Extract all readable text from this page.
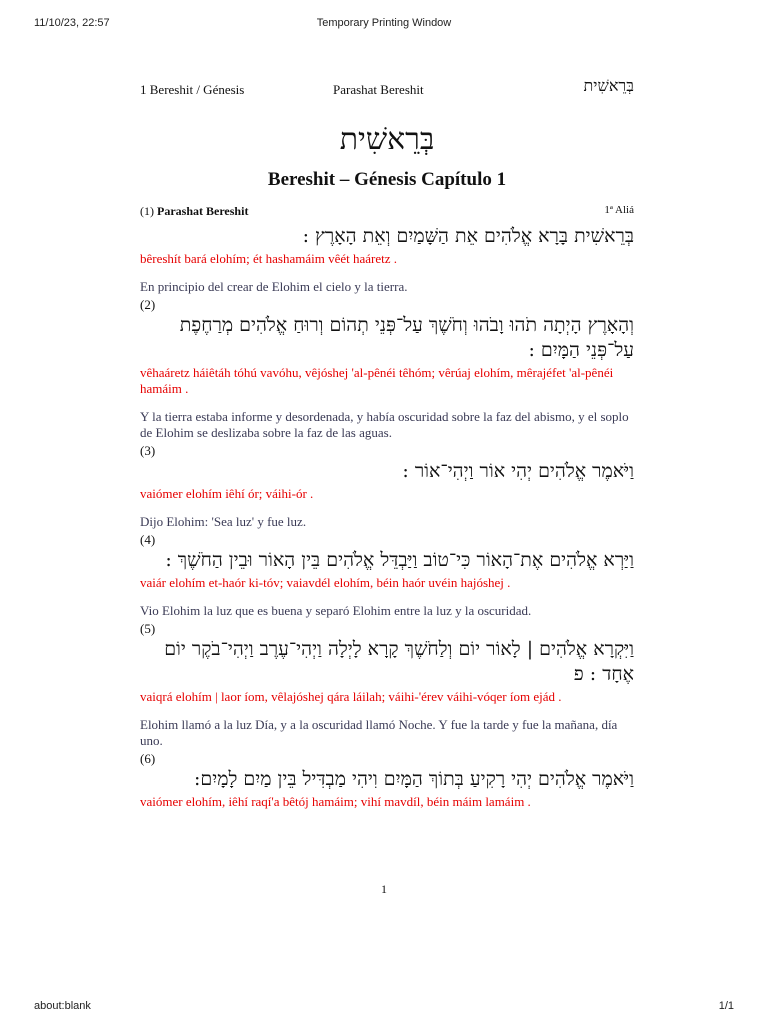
11/10/23, 22:57	Temporary Printing Window
1 Bereshit / Génesis	Parashat Bereshit	בְּרֵאשִׁית
בְּרֵאשִׁית
Bereshit – Génesis Capítulo 1
(1) Parashat Bereshit	1ª Aliá
בְּרֵאשִׁית בָּרָא אֱלֹהִים אֵת הַשָּׁמַיִם וְאֵת הָאָרֶץ :
bêreshít bará elohím; ét hashamáim vêét haáretz .
En principio del crear de Elohim el cielo y la tierra.
(2)
וְהָאָרֶץ הָיְתָה תֹהוּ וָבֹהוּ וְחֹשֶׁךְ עַל־פְּנֵי תְהוֹם וְרוּחַ אֱלֹהִים מְרַחֶפֶת עַל־פְּנֵי הַמָּיִם :
vêhaáretz háiêtáh tóhú vavóhu, vêjóshej 'al-pênéi têhóm; vêrúaj elohím, mêrajéfet 'al-pênéi hamáim .
Y la tierra estaba informe y desordenada, y había oscuridad sobre la faz del abismo, y el soplo de Elohim se deslizaba sobre la faz de las aguas.
(3)
וַיֹּאמֶר אֱלֹהִים יְהִי אוֹר וַיְהִי־אוֹר :
vaiómer elohím iêhí ór; váihi-ór .
Dijo Elohim: 'Sea luz' y fue luz.
(4)
וַיַּרְא אֱלֹהִים אֶת־הָאוֹר כִּי־טוֹב וַיַּבְדֵּל אֱלֹהִים בֵּין הָאוֹר וּבֵין הַחֹשֶׁךְ :
vaiár elohím et-haór ki-tóv; vaiavdél elohím, béin haór uvéin hajóshej .
Vio Elohim la luz que es buena y separó Elohim entre la luz y la oscuridad.
(5)
וַיִּקְרָא אֱלֹהִים | לָאוֹר יוֹם וְלַחֹשֶׁךְ קָרָא לָיְלָה וַיְהִי־עֶרֶב וַיְהִי־בֹקֶר יוֹם אֶחָד : פ
vaiqrá elohím | laor íom, vêlajóshej qára láilah; váihi-'érev váihi-vóqer íom ejád .
Elohim llamó a la luz Día, y a la oscuridad llamó Noche. Y fue la tarde y fue la mañana, día uno.
(6)
וַיֹּאמֶר אֱלֹהִים יְהִי רָקִיעַ בְּתוֹךְ הַמָּיִם וִיהִי מַבְדִּיל בֵּין מַיִם לָמָיִם:
vaiómer elohím, iêhí raqí'a bêtój hamáim; vihí mavdíl, béin máim lamáim .
1
about:blank	1/1
